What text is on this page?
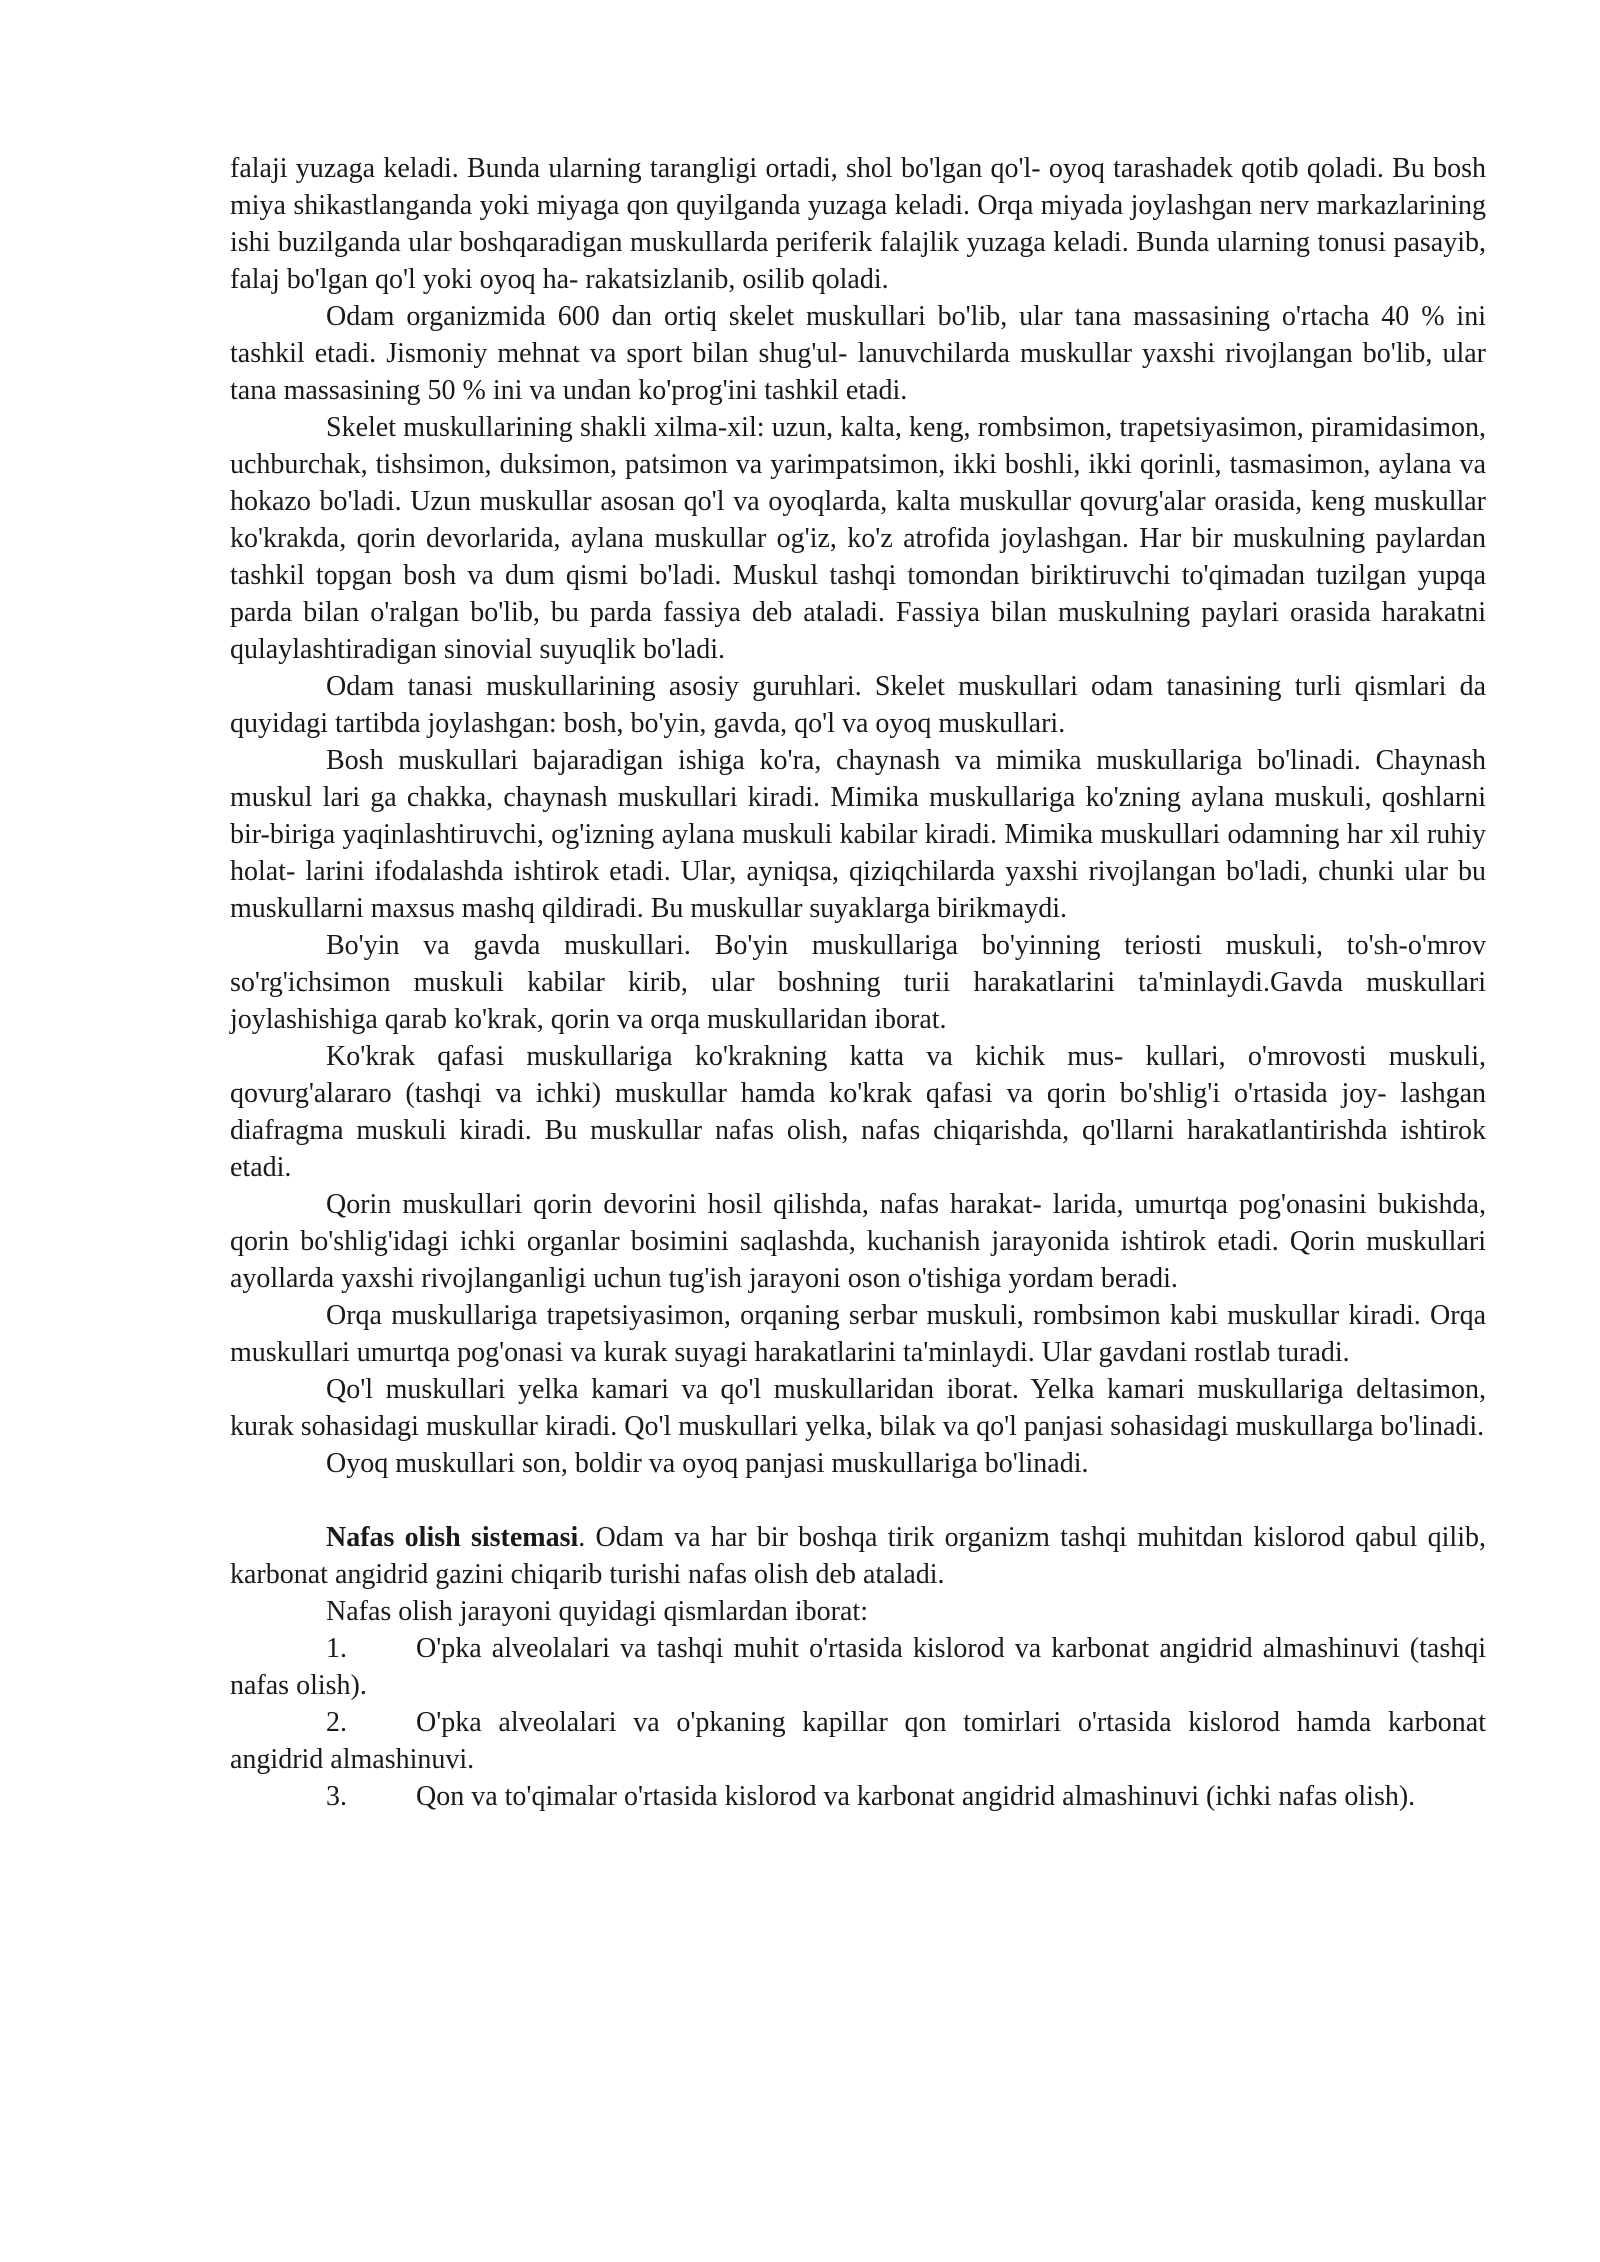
falaji yuzaga keladi. Bunda ularning tarangligi ortadi, shol bo'lgan qo'l- oyoq tarashadek qotib qoladi. Bu bosh miya shikastlanganda yoki miyaga qon quyilganda yuzaga keladi. Orqa miyada joylashgan nerv markazlarining ishi buzilganda ular boshqaradigan muskullarda periferik falajlik yuzaga keladi. Bunda ularning tonusi pasayib, falaj bo'lgan qo'l yoki oyoq ha- rakatsizlanib, osilib qoladi.

Odam organizmida 600 dan ortiq skelet muskullari bo'lib, ular tana massasining o'rtacha 40 % ini tashkil etadi. Jismoniy mehnat va sport bilan shug'ul- lanuvchilarda muskullar yaxshi rivojlangan bo'lib, ular tana massasining 50 % ini va undan ko'prog'ini tashkil etadi.

Skelet muskullarining shakli xilma-xil: uzun, kalta, keng, rombsimon, trapetsiyasimon, piramidasimon, uchburchak, tishsimon, duksimon, patsimon va yarimpatsimon, ikki boshli, ikki qorinli, tasmasimon, aylana va hokazo bo'ladi. Uzun muskullar asosan qo'l va oyoqlarda, kalta muskullar qovurg'alar orasida, keng muskullar ko'krakda, qorin devorlarida, aylana muskullar og'iz, ko'z atrofida joylashgan. Har bir muskulning paylardan tashkil topgan bosh va dum qismi bo'ladi. Muskul tashqi tomondan biriktiruvchi to'qimadan tuzilgan yupqa parda bilan o'ralgan bo'lib, bu parda fassiya deb ataladi. Fassiya bilan muskulning paylari orasida harakatni qulaylashtiradigan sinovial suyuqlik bo'ladi.

Odam tanasi muskullarining asosiy guruhlari. Skelet muskullari odam tanasining turli qismlari da quyidagi tartibda joylashgan: bosh, bo'yin, gavda, qo'l va oyoq muskullari.

Bosh muskullari bajaradigan ishiga ko'ra, chaynash va mimika muskullariga bo'linadi. Chaynash muskul lari ga chakka, chaynash muskullari kiradi. Mimika muskullariga ko'zning aylana muskuli, qoshlarni bir-biriga yaqinlashtiruvchi, og'izning aylana muskuli kabilar kiradi. Mimika muskullari odamning har xil ruhiy holat- larini ifodalashda ishtirok etadi. Ular, ayniqsa, qiziqchilarda yaxshi rivojlangan bo'ladi, chunki ular bu muskullarni maxsus mashq qildiradi. Bu muskullar suyaklarga birikmaydi.

Bo'yin va gavda muskullari. Bo'yin muskullariga bo'yinning teriosti muskuli, to'sh-o'mrov so'rg'ichsimon muskuli kabilar kirib, ular boshning turii harakatlarini ta'minlaydi.Gavda muskullari joylashishiga qarab ko'krak, qorin va orqa muskullaridan iborat.

Ko'krak qafasi muskullariga ko'krakning katta va kichik mus- kullari, o'mrovosti muskuli, qovurg'alararo (tashqi va ichki) muskullar hamda ko'krak qafasi va qorin bo'shlig'i o'rtasida joy- lashgan diafragma muskuli kiradi. Bu muskullar nafas olish, nafas chiqarishda, qo'llarni harakatlantirishda ishtirok etadi.

Qorin muskullari qorin devorini hosil qilishda, nafas harakat- larida, umurtqa pog'onasini bukishda, qorin bo'shlig'idagi ichki organlar bosimini saqlashda, kuchanish jarayonida ishtirok etadi. Qorin muskullari ayollarda yaxshi rivojlanganligi uchun tug'ish jarayoni oson o'tishiga yordam beradi.

Orqa muskullariga trapetsiyasimon, orqaning serbar muskuli, rombsimon kabi muskullar kiradi. Orqa muskullari umurtqa pog'onasi va kurak suyagi harakatlarini ta'minlaydi. Ular gavdani rostlab turadi.

Qo'l muskullari yelka kamari va qo'l muskullaridan iborat. Yelka kamari muskullariga deltasimon, kurak sohasidagi muskullar kiradi. Qo'l muskullari yelka, bilak va qo'l panjasi sohasidagi muskullarga bo'linadi.

Oyoq muskullari son, boldir va oyoq panjasi muskullariga bo'linadi.

Nafas olish sistemasi. Odam va har bir boshqa tirik organizm tashqi muhitdan kislorod qabul qilib, karbonat angidrid gazini chiqarib turishi nafas olish deb ataladi.

Nafas olish jarayoni quyidagi qismlardan iborat:

1. O'pka alveolalari va tashqi muhit o'rtasida kislorod va karbonat angidrid almashinuvi (tashqi nafas olish).

2. O'pka alveolalari va o'pkaning kapillar qon tomirlari o'rtasida kislorod hamda karbonat angidrid almashinuvi.

3. Qon va to'qimalar o'rtasida kislorod va karbonat angidrid almashinuvi (ichki nafas olish).
